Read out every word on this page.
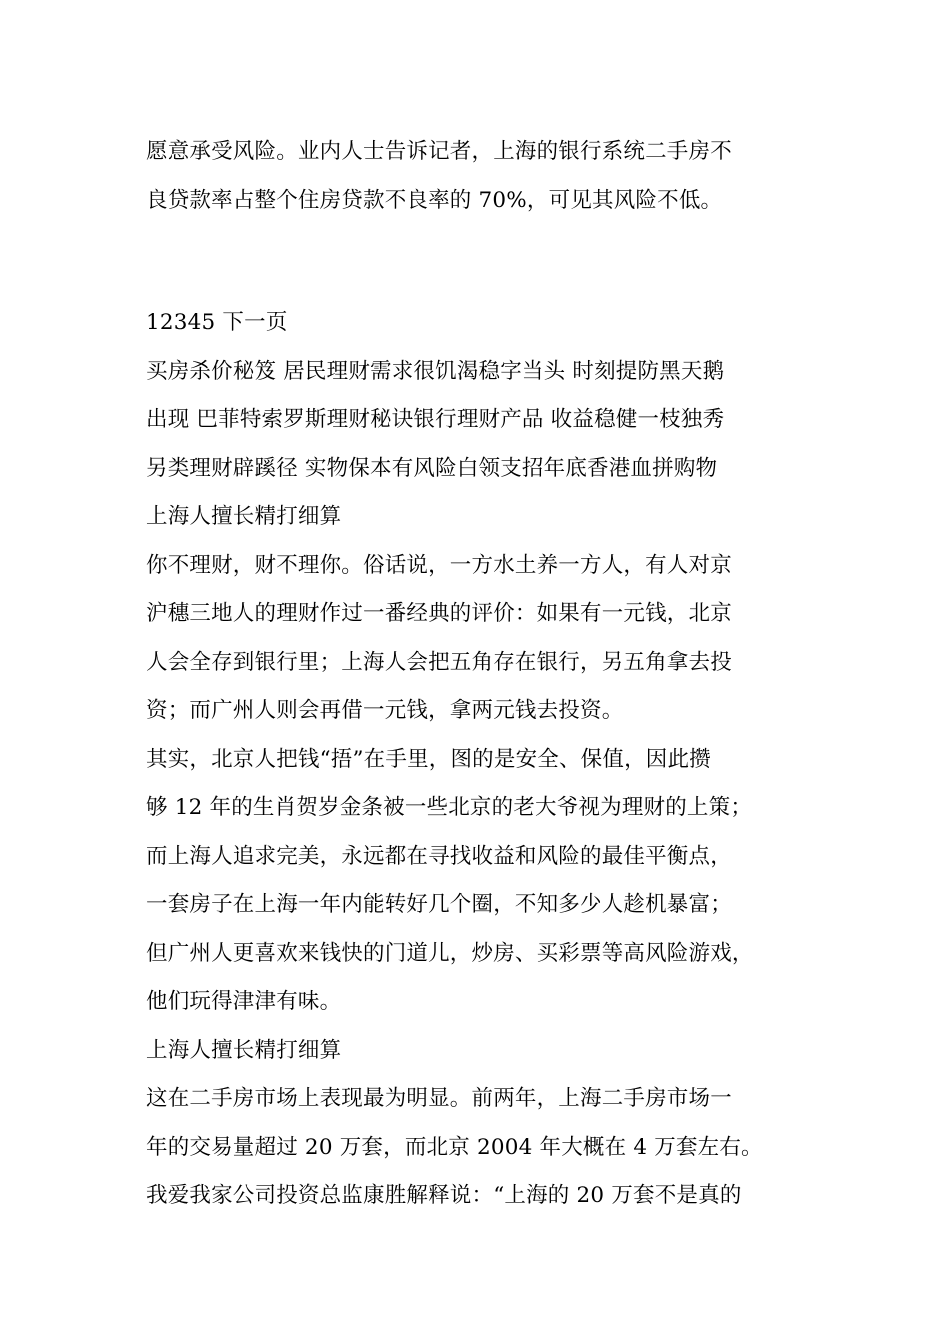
愿意承受风险。业内人士告诉记者，上海的银行系统二手房不
良贷款率占整个住房贷款不良率的 70%，可见其风险不低。
12345 下一页
买房杀价秘笈 居民理财需求很饥渴稳字当头 时刻提防黑天鹅
出现 巴菲特索罗斯理财秘诀银行理财产品 收益稳健一枝独秀
另类理财辟蹊径 实物保本有风险白领支招年底香港血拼购物
上海人擅长精打细算
你不理财，财不理你。俗话说，一方水土养一方人，有人对京
沪穗三地人的理财作过一番经典的评价：如果有一元钱，北京
人会全存到银行里；上海人会把五角存在银行，另五角拿去投
资；而广州人则会再借一元钱，拿两元钱去投资。
其实，北京人把钱“捂”在手里，图的是安全、保值，因此攒
够 12 年的生肖贺岁金条被一些北京的老大爷视为理财的上策；
而上海人追求完美，永远都在寻找收益和风险的最佳平衡点，
一套房子在上海一年内能转好几个圈，不知多少人趁机暴富；
但广州人更喜欢来钱快的门道儿，炒房、买彩票等高风险游戏，
他们玩得津津有味。
上海人擅长精打细算
这在二手房市场上表现最为明显。前两年，上海二手房市场一
年的交易量超过 20 万套，而北京 2004 年大概在 4 万套左右。
我爱我家公司投资总监康胜解释说：“上海的 20 万套不是真的
